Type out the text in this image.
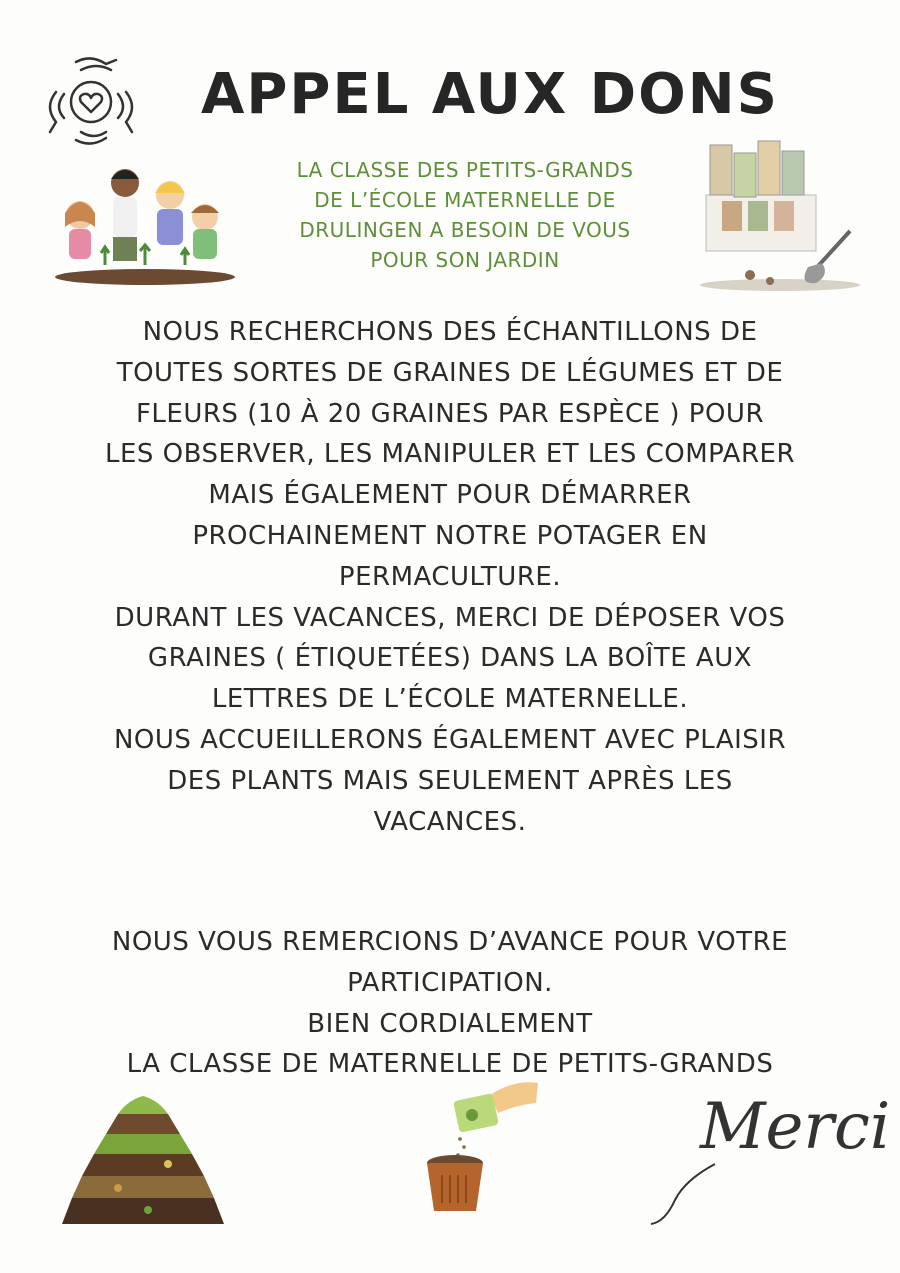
APPEL AUX DONS
LA CLASSE DES PETITS-GRANDS
DE L’ÉCOLE MATERNELLE DE
DRULINGEN A BESOIN DE VOUS
POUR SON JARDIN
NOUS RECHERCHONS DES ÉCHANTILLONS DE
TOUTES SORTES DE GRAINES DE LÉGUMES ET DE
FLEURS (10 À 20 GRAINES PAR ESPÈCE ) POUR
LES OBSERVER, LES MANIPULER ET LES COMPARER
MAIS ÉGALEMENT POUR DÉMARRER
PROCHAINEMENT NOTRE POTAGER EN
PERMACULTURE.
DURANT LES VACANCES, MERCI DE DÉPOSER VOS
GRAINES ( ÉTIQUETÉES) DANS LA BOÎTE AUX
LETTRES DE L’ÉCOLE MATERNELLE.
NOUS ACCUEILLERONS ÉGALEMENT AVEC PLAISIR
DES PLANTS MAIS SEULEMENT APRÈS LES
VACANCES.
NOUS VOUS REMERCIONS D’AVANCE POUR VOTRE
PARTICIPATION.
BIEN CORDIALEMENT
LA CLASSE DE MATERNELLE DE PETITS-GRANDS
Merci
